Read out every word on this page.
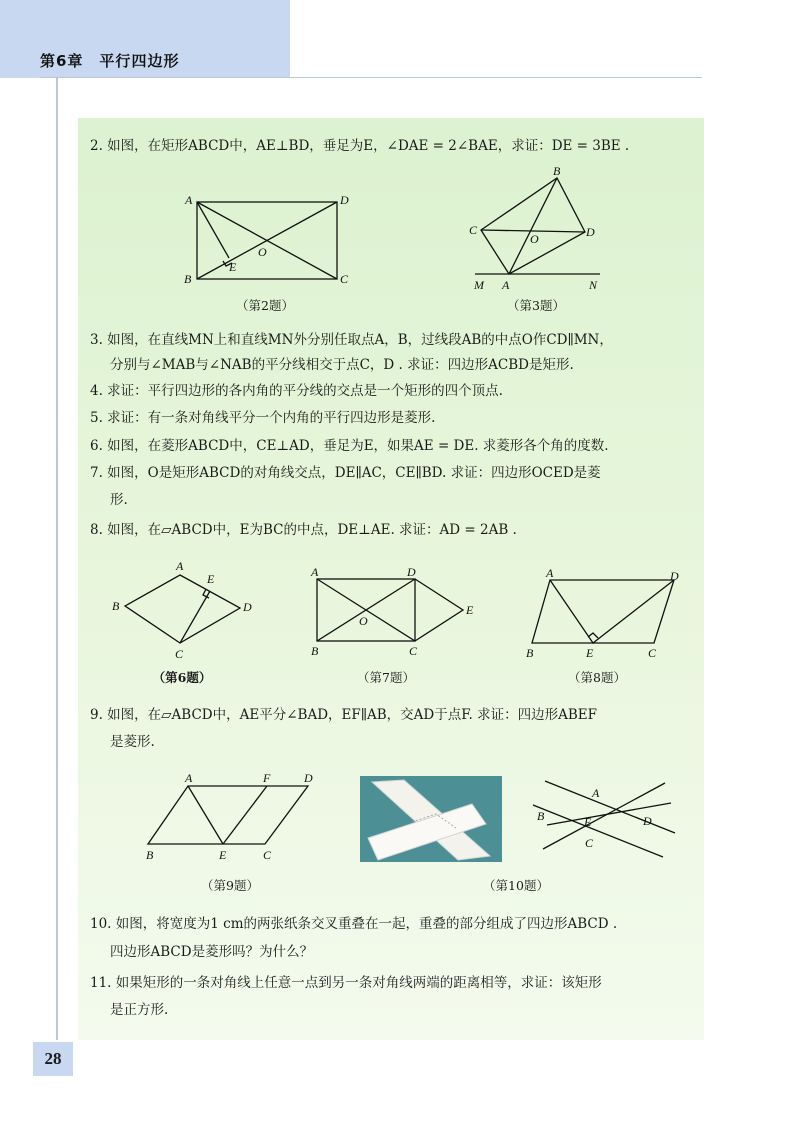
第6章　平行四边形
28
2. 如图，在矩形ABCD中，AE⊥BD，垂足为E，∠DAE = 2∠BAE，求证：DE = 3BE .
A	D
B	C
E
O
（第2题）
B
C	D
O
M A	N
（第3题）
3. 如图，在直线MN上和直线MN外分别任取点A，B，过线段AB的中点O作CD∥MN，
分别与∠MAB与∠NAB的平分线相交于点C，D . 求证：四边形ACBD是矩形.
4. 求证：平行四边形的各内角的平分线的交点是一个矩形的四个顶点.
5. 求证：有一条对角线平分一个内角的平行四边形是菱形.
6. 如图，在菱形ABCD中，CE⊥AD，垂足为E，如果AE = DE. 求菱形各个角的度数.
7. 如图，O是矩形ABCD的对角线交点，DE∥AC，CE∥BD. 求证：四边形OCED是菱
形.
8. 如图，在▱ABCD中，E为BC的中点，DE⊥AE. 求证：AD = 2AB .
A
E
B	D
C
（第6题）
A	D
E
O
B	C
（第7题）
A	D
B	E	C
（第8题）
9. 如图，在▱ABCD中，AE平分∠BAD，EF∥AB，交AD于点F. 求证：四边形ABEF
是菱形.
A	F	D
B	E	C
（第9题）
A
B	E	D
C
（第10题）
10. 如图，将宽度为1 cm的两张纸条交叉重叠在一起，重叠的部分组成了四边形ABCD .
四边形ABCD是菱形吗？为什么？
11. 如果矩形的一条对角线上任意一点到另一条对角线两端的距离相等，求证：该矩形
是正方形.
